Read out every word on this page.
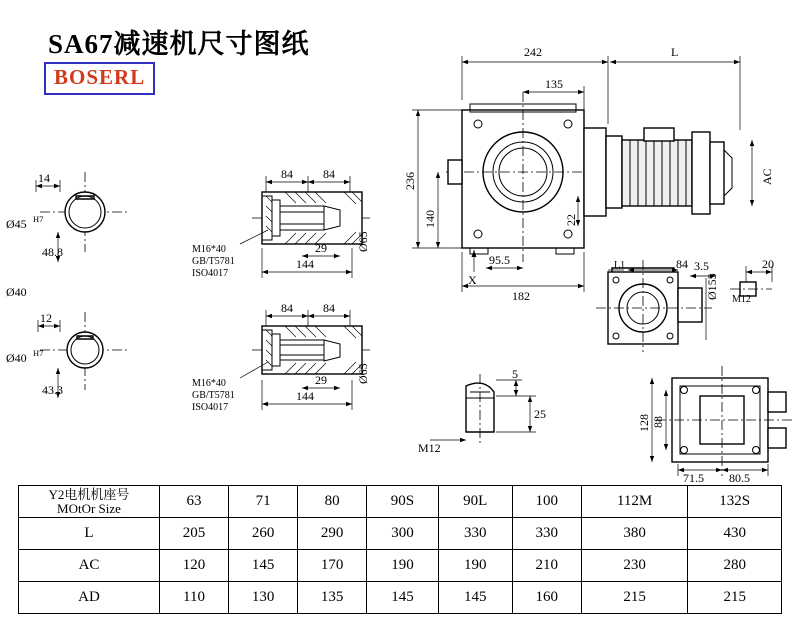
SA67减速机尺寸图纸
BOSERL
14
Ø45 H7
48.8
Ø40
12
Ø40 H7
43.3
84	84
29
144
Ø65
M16*40
GB/T5781
ISO4017
84	84
29
144
Ø65
M16*40
GB/T5781
ISO4017
242	L
135
236
140	22
AC
X
95.5
182
L1	84 3.5
Ø155
20
M12
5
25
M12
128 88
71.5 80.5
Y2电机机座号
MOtOr Size	63	71	80	90S	90L	100	112M	132S
L	205	260	290	300	330	330	380	430
AC	120	145	170	190	190	210	230	280
AD	110	130	135	145	145	160	215	215
